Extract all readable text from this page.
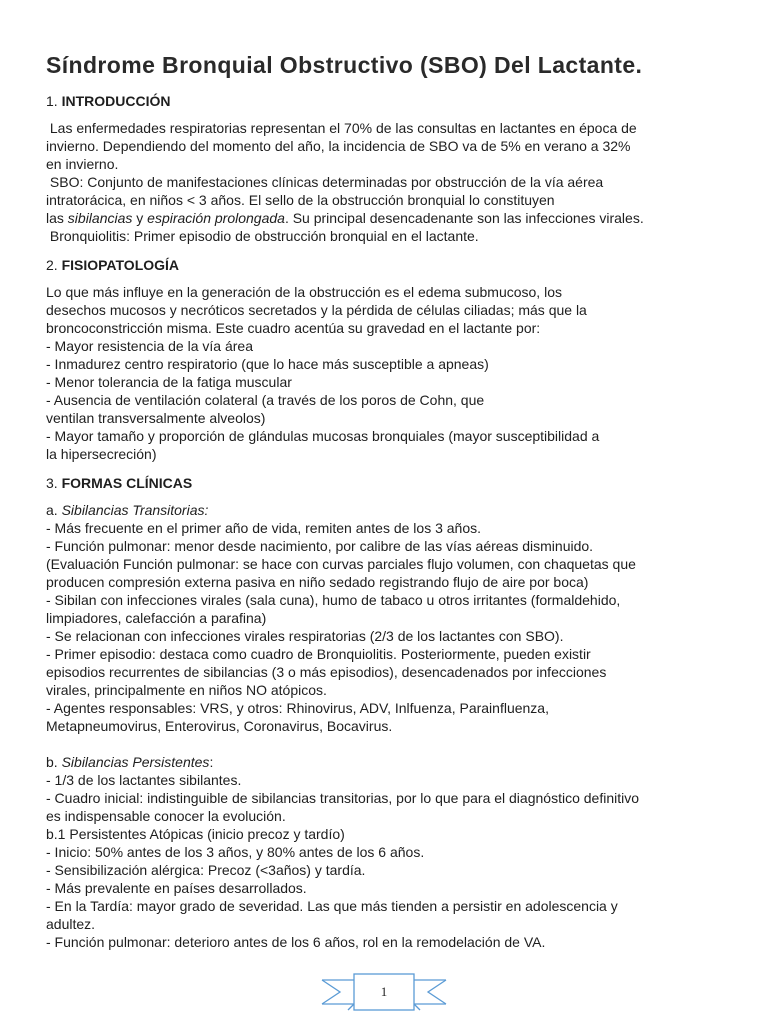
Síndrome Bronquial Obstructivo (SBO) Del Lactante.
1. INTRODUCCIÓN
Las enfermedades respiratorias representan el 70% de las consultas en lactantes en época de
invierno. Dependiendo del momento del año, la incidencia de SBO va de 5% en verano a 32%
en invierno.
SBO: Conjunto de manifestaciones clínicas determinadas por obstrucción de la vía aérea
intratorácica, en niños < 3 años. El sello de la obstrucción bronquial lo constituyen
las sibilancias y espiración prolongada. Su principal desencadenante son las infecciones virales.
Bronquiolitis: Primer episodio de obstrucción bronquial en el lactante.
2. FISIOPATOLOGÍA
Lo que más influye en la generación de la obstrucción es el edema submucoso, los
desechos mucosos y necróticos secretados y la pérdida de células ciliadas; más que la
broncoconstricción misma. Este cuadro acentúa su gravedad en el lactante por:
- Mayor resistencia de la vía área
- Inmadurez centro respiratorio (que lo hace más susceptible a apneas)
- Menor tolerancia de la fatiga muscular
- Ausencia de ventilación colateral (a través de los poros de Cohn, que
ventilan transversalmente alveolos)
- Mayor tamaño y proporción de glándulas mucosas bronquiales (mayor susceptibilidad a
la hipersecreción)
3. FORMAS CLÍNICAS
a. Sibilancias Transitorias:
- Más frecuente en el primer año de vida, remiten antes de los 3 años.
- Función pulmonar: menor desde nacimiento, por calibre de las vías aéreas disminuido.
(Evaluación Función pulmonar: se hace con curvas parciales flujo volumen, con chaquetas que
producen compresión externa pasiva en niño sedado registrando flujo de aire por boca)
- Sibilan con infecciones virales (sala cuna), humo de tabaco u otros irritantes (formaldehido,
limpiadores, calefacción a parafina)
- Se relacionan con infecciones virales respiratorias (2/3 de los lactantes con SBO).
- Primer episodio: destaca como cuadro de Bronquiolitis. Posteriormente, pueden existir
episodios recurrentes de sibilancias (3 o más episodios), desencadenados por infecciones
virales, principalmente en niños NO atópicos.
- Agentes responsables: VRS, y otros: Rhinovirus, ADV, Inlfuenza, Parainfluenza,
Metapneumovirus, Enterovirus, Coronavirus, Bocavirus.
b. Sibilancias Persistentes:
- 1/3 de los lactantes sibilantes.
- Cuadro inicial: indistinguible de sibilancias transitorias, por lo que para el diagnóstico definitivo
es indispensable conocer la evolución.
b.1 Persistentes Atópicas (inicio precoz y tardío)
- Inicio: 50% antes de los 3 años, y 80% antes de los 6 años.
- Sensibilización alérgica: Precoz (<3años) y tardía.
- Más prevalente en países desarrollados.
- En la Tardía: mayor grado de severidad. Las que más tienden a persistir en adolescencia y
adultez.
- Función pulmonar: deterioro antes de los 6 años, rol en la remodelación de VA.
1
